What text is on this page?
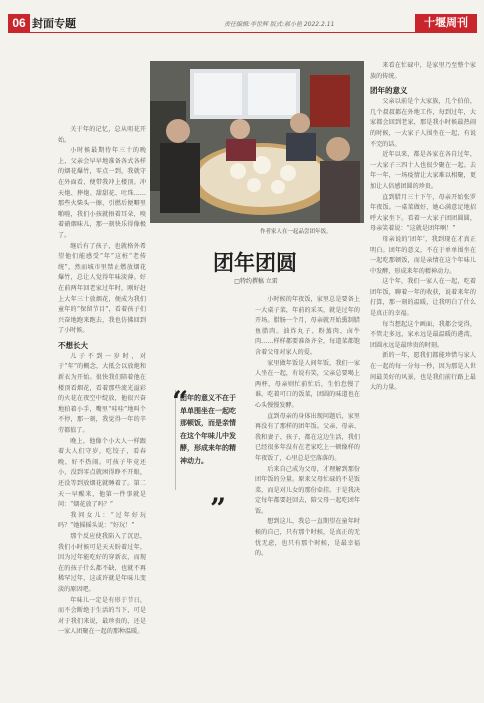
06 封面专题	责任编辑:李世辉 版式:郝小艳 2022.2.11	十堰周刊
作者家人在一起品尝团年饭。
团年团圆
□特约撰稿 立雷

关于年的记忆，总从咀花开始。

小时候最期待年三十的晚上，父亲会早早地准备各式各样的烟花爆竹，零点一到，我就守在外面看，便带我冲上楼顶。冲天炮、摔炮、甜甜花、吐珠……那些火柴头一擦，引燃后便噼里啪啦，我们小孩就捂着耳朵，嗅着硝烟味儿，那一刻快乐得像极了。

继后有了孩子，也就格外希望他们能感受“年”这桩“老传统”，然而城市里禁止燃放烟花爆竹，总让人觉得年味淡薄。好在前两年回老家过年时，刚好赶上大年三十放烟花，便成为我们童年的“保留节目”，看着孩子们兴奋地跑来跑去，我也仿佛回到了小时候。

不想长大

儿子不到一岁时，对于“年”的概念，大抵会以放炮和新衣为开始。很快我们陪着他在楼顶看烟花，看着那些流光溢彩的火花在夜空中绽放，他很兴奋地拍着小手，嘴里“哇哇”地叫个不停，那一刻，我觉得一年的辛劳都值了。

晚上，他像个小大人一样跟着大人们守岁，吃饺子，看春晚，好不热闹。可孩子毕竟还小，没到零点就困得睁不开眼，还没等到放烟花就睡着了。第二天一早醒来，他第一件事就是问：“烟花放了吗？”

我问女儿：“过年好玩吗？”她摇摇头说：“好玩！”

那个反应使我陷入了沉思，我们小时候可是天天盼着过年，因为过年能吃好的穿新衣，而现在的孩子什么都不缺，也就不再稀罕过年，这或许就是年味儿变淡的原因吧。

年味儿一定是有形于节日，而不会断绝于生活的当下，可是对于我们来说，最珍贵的，还是一家人团聚在一起的那种温暖。

小时候的年夜饭，家里总是要备上一大桌子菜，年前的采买，就是过年的开场。腊肠一个月，母亲就开始熏制腊鱼腊肉。油炸丸子、粉蒸肉、卤牛肉……样样都要准备齐全，每道菜都饱含着父母对家人的爱。

家里做年饭是人间年饭，我们一家人坐在一起，有说有笑，父亲总要喝上两杯，母亲则忙前忙后，生怕怠慢了谁。吃着可口的饭菜，团圆的味道也在心头慢慢发酵。

直到母亲的身体出现问题后，家里再没有了那样的团年饭。父亲、母亲、我和妻子、孩子，都在这边生活，我们已经很多年没有在老家吃上一顿像样的年夜饭了，心里总是空落落的。

后来自己成为父母，才理解到那份团年饭的分量。原来父母忙碌的不是饭菜，而是对儿女的那份牵挂。于是我决定每年都要赶回去，陪父母一起吃团年饭。

想到这儿，我总一直期望在童年时候的自己，只有那个时候，是真正的无忧无虑，也只有那个时候，是最幸福的。

来看在忙碌中，是家里乃至整个家族的传统。

团年的意义

父亲以前是个大家族，几个伯伯，几个叔叔都在外地工作，每到过年，大家都会回到老家，那是我小时候最热闹的时候，一大家子人围坐在一起，有说不完的话。

近年以来，都是各家在各自过年，一大家子三四十人也很少聚在一起。去年一年，一场疫情让大家难以相聚，更加让人倍感团圆的珍贵。

直到腊月三十下午，母亲开始张罗年夜饭。一桌菜做好，她心满意足地招呼大家坐下。看着一大家子团团圆圆，母亲笑着说：“这就是团年啊！”

母亲说的‘团年’，我到现在才真正明白。团年的意义，不在于单单围坐在一起吃那顿饭，而是亲情在这个年味儿中发酵，形成来年的精神动力。

这个年，我们一家人在一起，吃着团年饭，聊着一年的收获，说着来年的打算，那一刻的温暖，让我明白了什么是真正的幸福。

每当想起这个画面，我都会觉得，不管走多远，家永远是最温暖的港湾，团圆永远是最珍贵的时刻。

新的一年，愿我们都能珍惜与家人在一起的每一分每一秒，因为那是人世间最美好的风景，也是我们前行路上最大的力量。

“
团年的意义不在于单单围坐在一起吃那顿饭，而是亲情在这个年味儿中发酵，形成来年的精神动力。
”
